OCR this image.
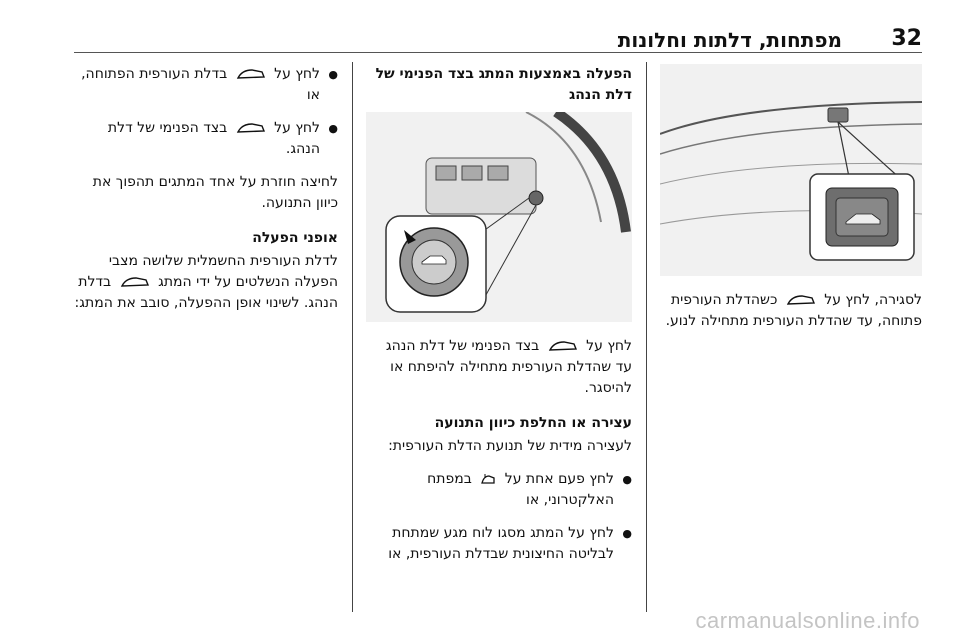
32
מפתחות, דלתות וחלונות

לסגירה, לחץ על  כשהדלת העורפית פתוחה, עד שהדלת העורפית מתחילה לנוע.

הפעלה באמצעות המתג בצד הפנימי של דלת הנהג

לחץ על  בצד הפנימי של דלת הנהג עד שהדלת העורפית מתחילה להיפתח או להיסגר.

עצירה או החלפת כיוון התנועה

לעצירה מידית של תנועת הדלת העורפית:

● לחץ פעם אחת על  במפתח האלקטרוני, או
● לחץ על המתג מסגו לוח מגע שמתחת לבליטה החיצונית שבדלת העורפית, או
● לחץ על  בדלת העורפית הפתוחה, או
● לחץ על  בצד הפנימי של דלת הנהג.

לחיצה חוזרת על אחד המתגים תהפוך את כיוון התנועה.

אופני הפעלה

לדלת העורפית החשמלית שלושה מצבי הפעלה הנשלטים על ידי המתג  בדלת הנהג. לשינוי אופן ההפעלה, סובב את המתג:

carmanualsonline.info
